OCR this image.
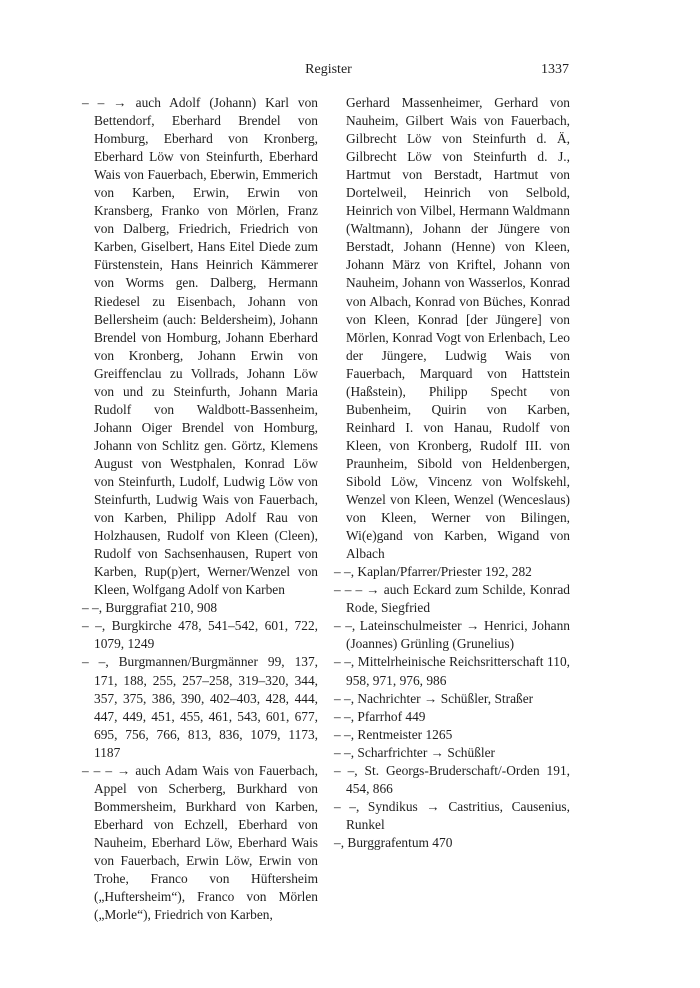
Register	1337

– – → auch Adolf (Johann) Karl von Bettendorf, Eberhard Brendel von Homburg, Eberhard von Kronberg, Eberhard Löw von Steinfurth, Eberhard Wais von Fauerbach, Eberwin, Emmerich von Karben, Erwin, Erwin von Kransberg, Franko von Mörlen, Franz von Dalberg, Friedrich, Friedrich von Karben, Giselbert, Hans Eitel Diede zum Fürstenstein, Hans Heinrich Kämmerer von Worms gen. Dalberg, Hermann Riedesel zu Eisenbach, Johann von Bellersheim (auch: Beldersheim), Johann Brendel von Homburg, Johann Eberhard von Kronberg, Johann Erwin von Greiffenclau zu Vollrads, Johann Löw von und zu Steinfurth, Johann Maria Rudolf von Waldbott-Bassenheim, Johann Oiger Brendel von Homburg, Johann von Schlitz gen. Görtz, Klemens August von Westphalen, Konrad Löw von Steinfurth, Ludolf, Ludwig Löw von Steinfurth, Ludwig Wais von Fauerbach, von Karben, Philipp Adolf Rau von Holzhausen, Rudolf von Kleen (Cleen), Rudolf von Sachsenhausen, Rupert von Karben, Rup(p)ert, Werner/Wenzel von Kleen, Wolfgang Adolf von Karben

– –, Burggrafiat 210, 908

– –, Burgkirche 478, 541–542, 601, 722, 1079, 1249

– –, Burgmannen/Burgmänner 99, 137, 171, 188, 255, 257–258, 319–320, 344, 357, 375, 386, 390, 402–403, 428, 444, 447, 449, 451, 455, 461, 543, 601, 677, 695, 756, 766, 813, 836, 1079, 1173, 1187

– – – → auch Adam Wais von Fauerbach, Appel von Scherberg, Burkhard von Bommersheim, Burkhard von Karben, Eberhard von Echzell, Eberhard von Nauheim, Eberhard Löw, Eberhard Wais von Fauerbach, Erwin Löw, Erwin von Trohe, Franco von Hüftersheim („Huftersheim“), Franco von Mörlen („Morle“), Friedrich von Karben,

Gerhard Massenheimer, Gerhard von Nauheim, Gilbert Wais von Fauerbach, Gilbrecht Löw von Steinfurth d. Ä, Gilbrecht Löw von Steinfurth d. J., Hartmut von Berstadt, Hartmut von Dortelweil, Heinrich von Selbold, Heinrich von Vilbel, Hermann Waldmann (Waltmann), Johann der Jüngere von Berstadt, Johann (Henne) von Kleen, Johann März von Kriftel, Johann von Nauheim, Johann von Wasserlos, Konrad von Albach, Konrad von Büches, Konrad von Kleen, Konrad [der Jüngere] von Mörlen, Konrad Vogt von Erlenbach, Leo der Jüngere, Ludwig Wais von Fauerbach, Marquard von Hattstein (Haßstein), Philipp Specht von Bubenheim, Quirin von Karben, Reinhard I. von Hanau, Rudolf von Kleen, von Kronberg, Rudolf III. von Praunheim, Sibold von Heldenbergen, Sibold Löw, Vincenz von Wolfskehl, Wenzel von Kleen, Wenzel (Wenceslaus) von Kleen, Werner von Bilingen, Wi(e)gand von Karben, Wigand von Albach

– –, Kaplan/Pfarrer/Priester 192, 282

– – – → auch Eckard zum Schilde, Konrad Rode, Siegfried

– –, Lateinschulmeister → Henrici, Johann (Joannes) Grünling (Grunelius)

– –, Mittelrheinische Reichsritterschaft 110, 958, 971, 976, 986

– –, Nachrichter → Schüßler, Straßer

– –, Pfarrhof 449

– –, Rentmeister 1265

– –, Scharfrichter → Schüßler

– –, St. Georgs-Bruderschaft/-Orden 191, 454, 866

– –, Syndikus → Castritius, Causenius, Runkel

–, Burggrafentum 470
